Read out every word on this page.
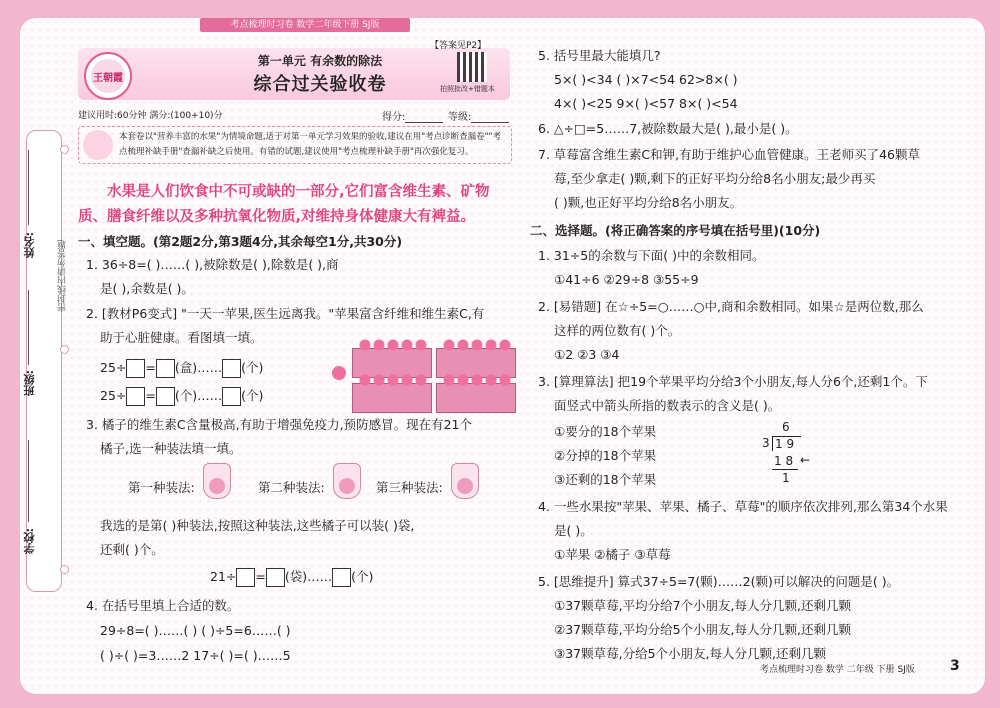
考点梳理时习卷 数学二年级下册 SJ版
姓名:
班级:
学校:
密封线内请勿答题
王朝霞
第一单元 有余数的除法
综合过关验收卷
【答案见P2】
拍照批改+错题本
建议用时:60分钟 满分:(100+10)分	得分:	等级:
本套卷以"营养丰富的水果"为情境命题,适于对第一单元学习效果的验收,建议在用"考点诊断查漏卷""考点梳理补缺手册"查漏补缺之后使用。有错的试题,建议使用"考点梳理补缺手册"再次强化复习。
水果是人们饮食中不可或缺的一部分,它们富含维生素、矿物质、膳食纤维以及多种抗氧化物质,对维持身体健康大有裨益。
一、填空题。(第2题2分,第3题4分,其余每空1分,共30分)
1. 36÷8=( )……( ),被除数是( ),除数是( ),商
是( ),余数是( )。
2. [教材P6变式] "一天一苹果,医生远离我。"苹果富含纤维和维生素C,有
助于心脏健康。看图填一填。
25÷ = (盒)…… (个)
25÷ = (个)…… (个)
3. 橘子的维生素C含量极高,有助于增强免疫力,预防感冒。现在有21个
橘子,选一种装法填一填。
第一种装法:	第二种装法:	第三种装法:
我选的是第( )种装法,按照这种装法,这些橘子可以装( )袋,
还剩( )个。
21÷ = (袋)…… (个)
4. 在括号里填上合适的数。
29÷8=( )……( ) ( )÷5=6……( )
( )÷( )=3……2 17÷( )=( )……5
5. 括号里最大能填几?
5×( )<34 ( )×7<54 62>8×( )
4×( )<25 9×( )<57 8×( )<54
6. △÷□=5……7,被除数最大是( ),最小是( )。
7. 草莓富含维生素C和钾,有助于维护心血管健康。王老师买了46颗草
莓,至少拿走( )颗,剩下的正好平均分给8名小朋友;最少再买
( )颗,也正好平均分给8名小朋友。
二、选择题。(将正确答案的序号填在括号里)(10分)
1. 31÷5的余数与下面( )中的余数相同。
①41÷6 ②29÷8 ③55÷9
2. [易错题] 在☆÷5=○……○中,商和余数相同。如果☆是两位数,那么
这样的两位数有( )个。
①2 ②3 ③4
3. [算理算法] 把19个苹果平均分给3个小朋友,每人分6个,还剩1个。下
面竖式中箭头所指的数表示的含义是( )。
①要分的18个苹果
②分掉的18个苹果
③还剩的18个苹果
6
3 1 9
1 8 ←
1
4. 一些水果按"苹果、苹果、橘子、草莓"的顺序依次排列,那么第34个水果
是( )。
①苹果 ②橘子 ③草莓
5. [思维提升] 算式37÷5=7(颗)……2(颗)可以解决的问题是( )。
①37颗草莓,平均分给7个小朋友,每人分几颗,还剩几颗
②37颗草莓,平均分给5个小朋友,每人分几颗,还剩几颗
③37颗草莓,分给5个小朋友,每人分几颗,还剩几颗
考点梳理时习卷 数学 二年级 下册 SJ版	3
